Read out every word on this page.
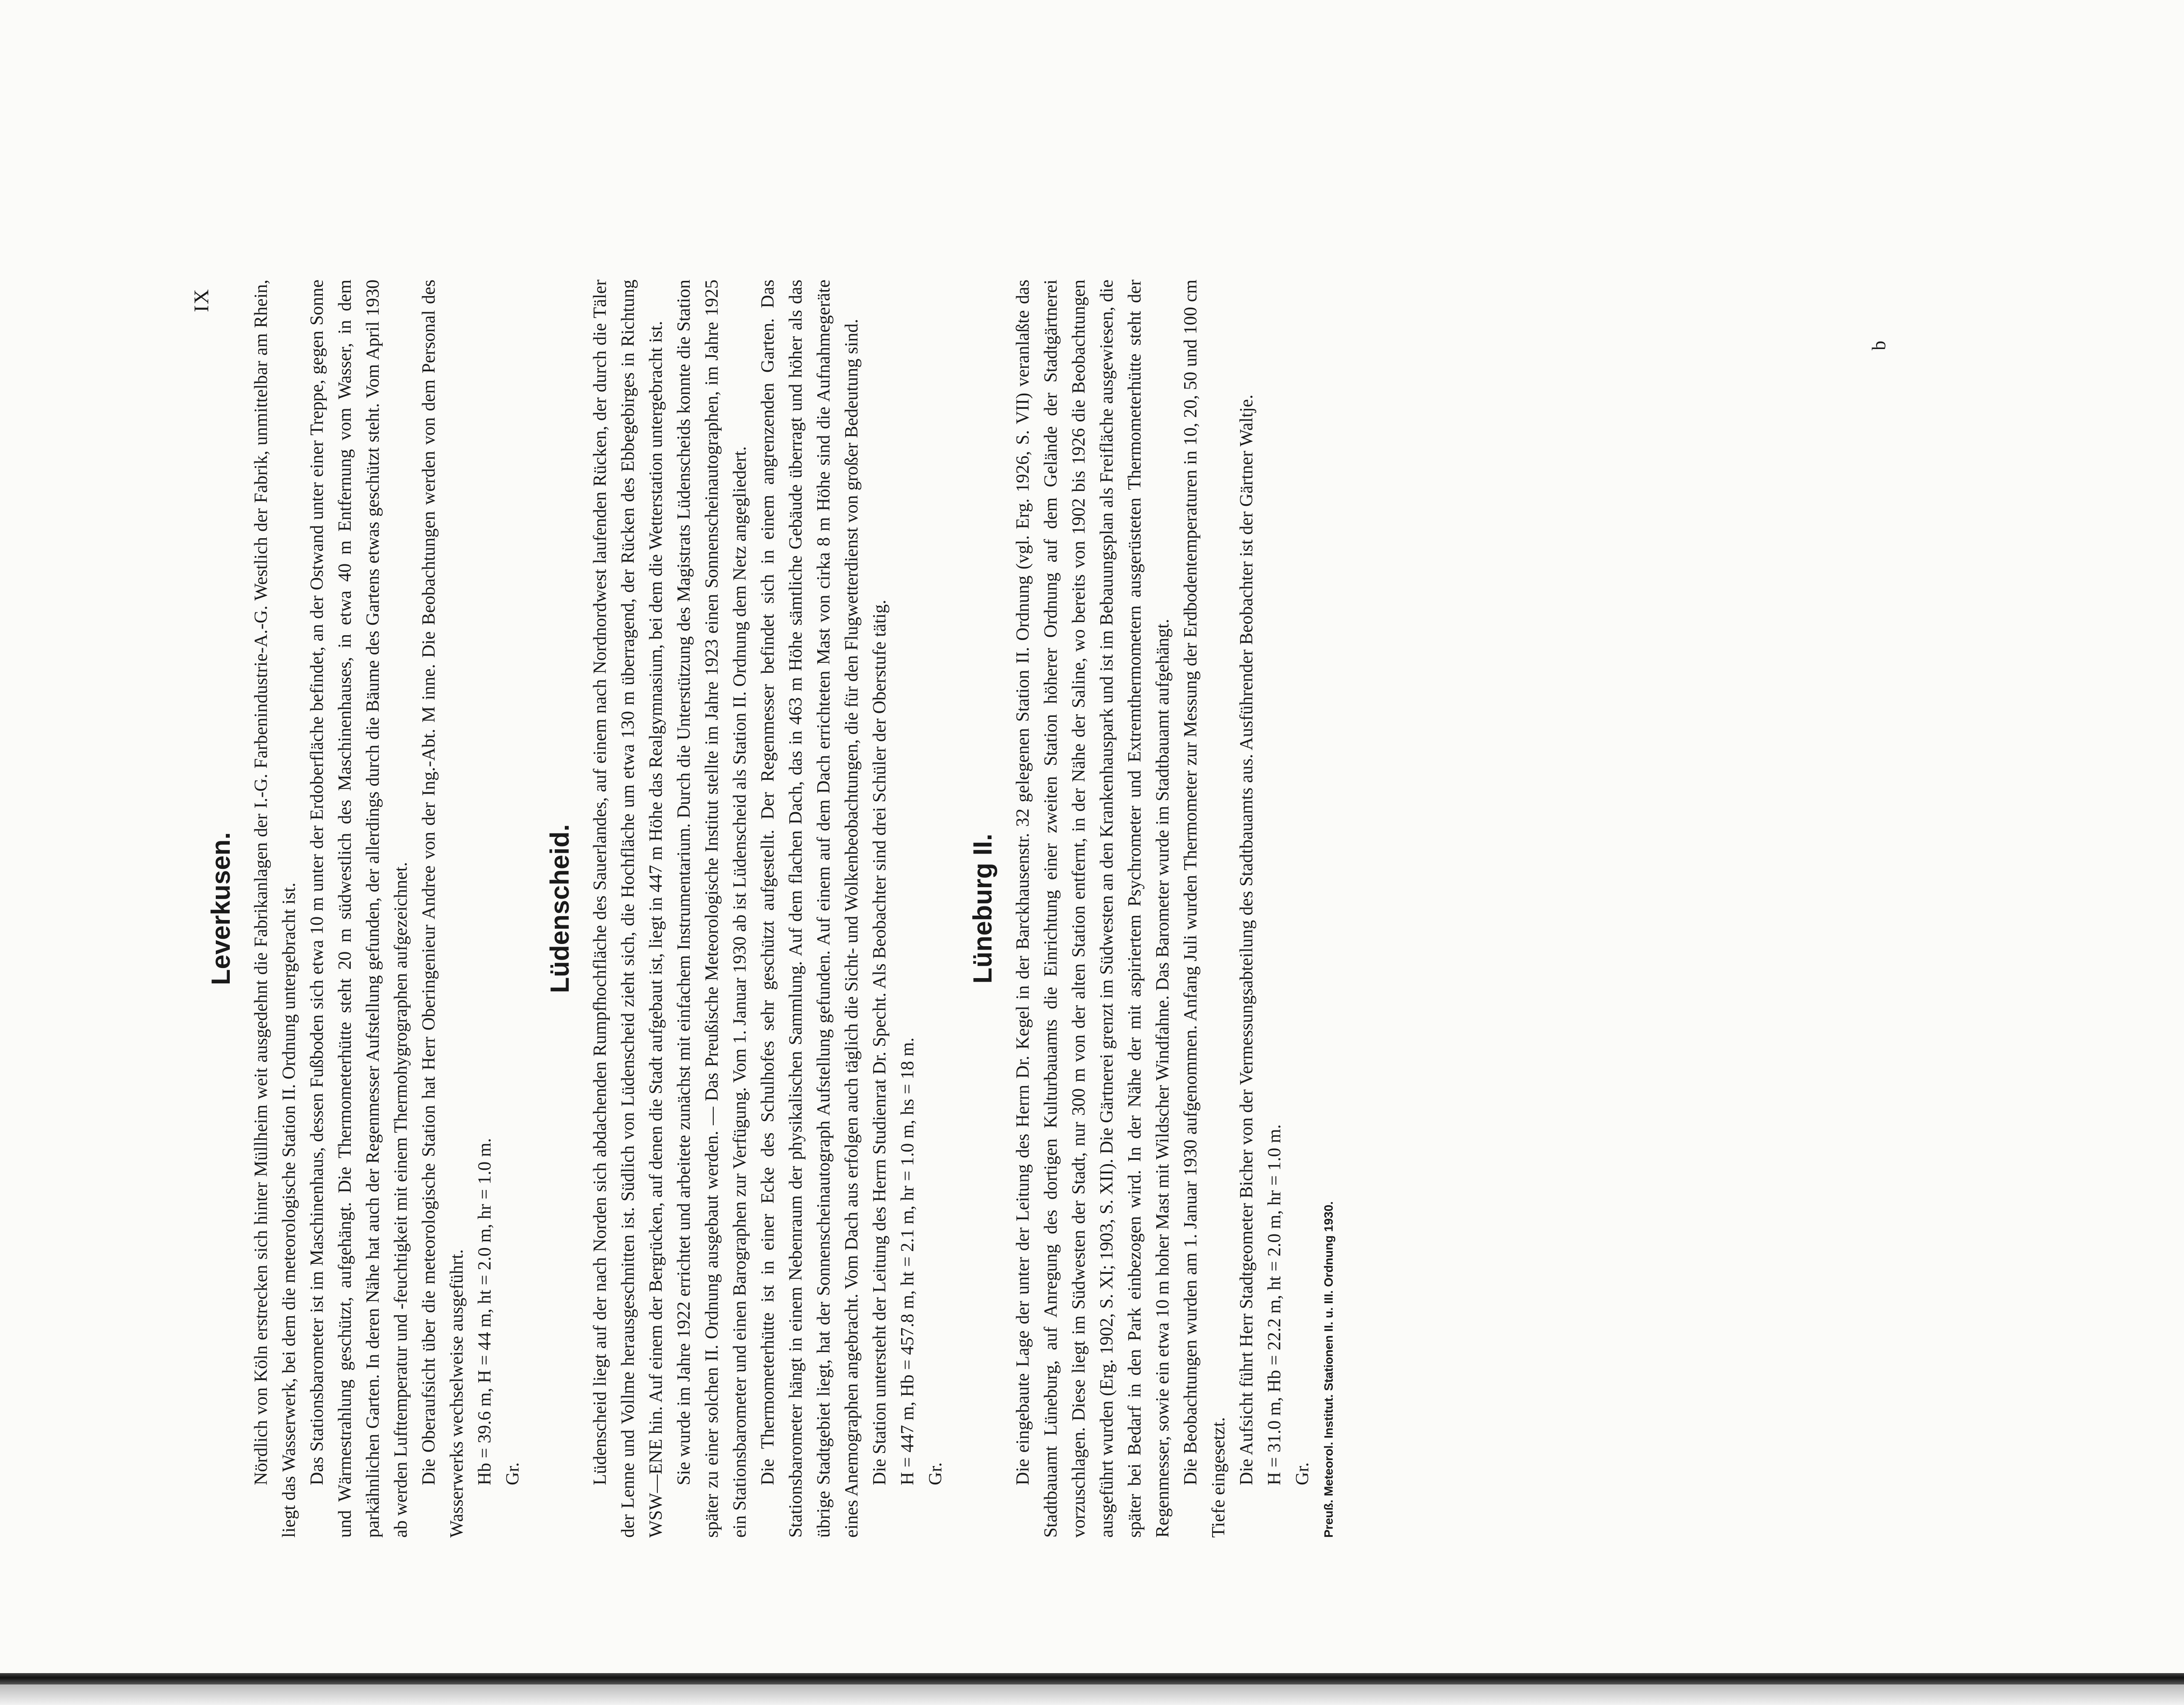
IX
Leverkusen. Nördlich von Köln erstrecken sich hinter Müllheim weit ausgedehnt die Fabrikanlagen der I.-G. Farbenindustrie-A.-G. Westlich der Fabrik, unmittelbar am Rhein, liegt das Wasserwerk, bei dem die meteorologische Station II. Ordnung untergebracht ist. Das Stationsbarometer ist im Maschinenhaus, dessen Fußboden sich etwa 10 m unter der Erdoberfläche befindet, an der Ostwand unter einer Treppe, gegen Sonne und Wärmestrahlung geschützt, aufgehängt. Die Thermometerhütte steht 20 m südwestlich des Maschinenhauses, in etwa 40 m Entfernung vom Wasser, in dem parkähnlichen Garten. In deren Nähe hat auch der Regenmesser Aufstellung gefunden, der allerdings durch die Bäume des Gartens etwas geschützt steht. Vom April 1930 ab werden Lufttemperatur und -feuchtigkeit mit einem Thermohygrographen aufgezeichnet. Die Oberaufsicht über die meteorologische Station hat Herr Oberingenieur Andree von der Ing.-Abt. M inne. Die Beobachtungen werden von dem Personal des Wasserwerks wechselweise ausgeführt. Hb = 39.6 m, H = 44 m, ht = 2.0 m, hr = 1.0 m. Gr.

Lüdenscheid. Lüdenscheid liegt auf der nach Norden sich abdachenden Rumpfhochfläche des Sauerlandes, auf einem nach Nordnordwest laufenden Rücken, der durch die Täler der Lenne und Vollme herausgeschnitten ist. Südlich von Lüdenscheid zieht sich, die Hochfläche um etwa 130 m überragend, der Rücken des Ebbegebirges in Richtung WSW—ENE hin. Auf einem der Bergrücken, auf denen die Stadt aufgebaut ist, liegt in 447 m Höhe das Realgymnasium, bei dem die Wetterstation untergebracht ist. Sie wurde im Jahre 1922 errichtet und arbeitete zunächst mit einfachem Instrumentarium. Durch die Unterstützung des Magistrats Lüdenscheids konnte die Station später zu einer solchen II. Ordnung ausgebaut werden. — Das Preußische Meteorologische Institut stellte im Jahre 1923 einen Sonnenscheinautographen, im Jahre 1925 ein Stationsbarometer und einen Barographen zur Verfügung. Vom 1. Januar 1930 ab ist Lüdenscheid als Station II. Ordnung dem Netz angegliedert. Die Thermometerhütte ist in einer Ecke des Schulhofes sehr geschützt aufgestellt. Der Regenmesser befindet sich in einem angrenzenden Garten. Das Stationsbarometer hängt in einem Nebenraum der physikalischen Sammlung. Auf dem flachen Dach, das in 463 m Höhe sämtliche Gebäude überragt und höher als das übrige Stadtgebiet liegt, hat der Sonnenscheinautograph Aufstellung gefunden. Auf einem auf dem Dach errichteten Mast von cirka 8 m Höhe sind die Aufnahmegeräte eines Anemographen angebracht. Vom Dach aus erfolgen auch täglich die Sicht- und Wolkenbeobachtungen, die für den Flugwetterdienst von großer Bedeutung sind. Die Station untersteht der Leitung des Herrn Studienrat Dr. Specht. Als Beobachter sind drei Schüler der Oberstufe tätig. H = 447 m, Hb = 457.8 m, ht = 2.1 m, hr = 1.0 m, hs = 18 m. Gr.

Lüneburg II. Die eingebaute Lage der unter der Leitung des Herrn Dr. Kegel in der Barckhausenstr. 32 gelegenen Station II. Ordnung (vgl. Erg. 1926, S. VII) veranlaßte das Stadtbauamt Lüneburg, auf Anregung des dortigen Kulturbauamts die Einrichtung einer zweiten Station höherer Ordnung auf dem Gelände der Stadtgärtnerei vorzuschlagen. Diese liegt im Südwesten der Stadt, nur 300 m von der alten Station entfernt, in der Nähe der Saline, wo bereits von 1902 bis 1926 die Beobachtungen ausgeführt wurden (Erg. 1902, S. XI; 1903, S. XII). Die Gärtnerei grenzt im Südwesten an den Krankenhauspark und ist im Bebauungsplan als Freifläche ausgewiesen, die später bei Bedarf in den Park einbezogen wird. In der Nähe der mit aspiriertem Psychrometer und Extremthermometern ausgerüsteten Thermometerhütte steht der Regenmesser, sowie ein etwa 10 m hoher Mast mit Wildscher Windfahne. Das Barometer wurde im Stadtbauamt aufgehängt. Die Beobachtungen wurden am 1. Januar 1930 aufgenommen. Anfang Juli wurden Thermometer zur Messung der Erdbodentemperaturen in 10, 20, 50 und 100 cm Tiefe eingesetzt. Die Aufsicht führt Herr Stadtgeometer Bicher von der Vermessungsabteilung des Stadtbauamts aus. Ausführender Beobachter ist der Gärtner Waltje. H = 31.0 m, Hb = 22.2 m, ht = 2.0 m, hr = 1.0 m. Gr. Preuß. Meteorol. Institut. Stationen II. u. III. Ordnung 1930.
b
